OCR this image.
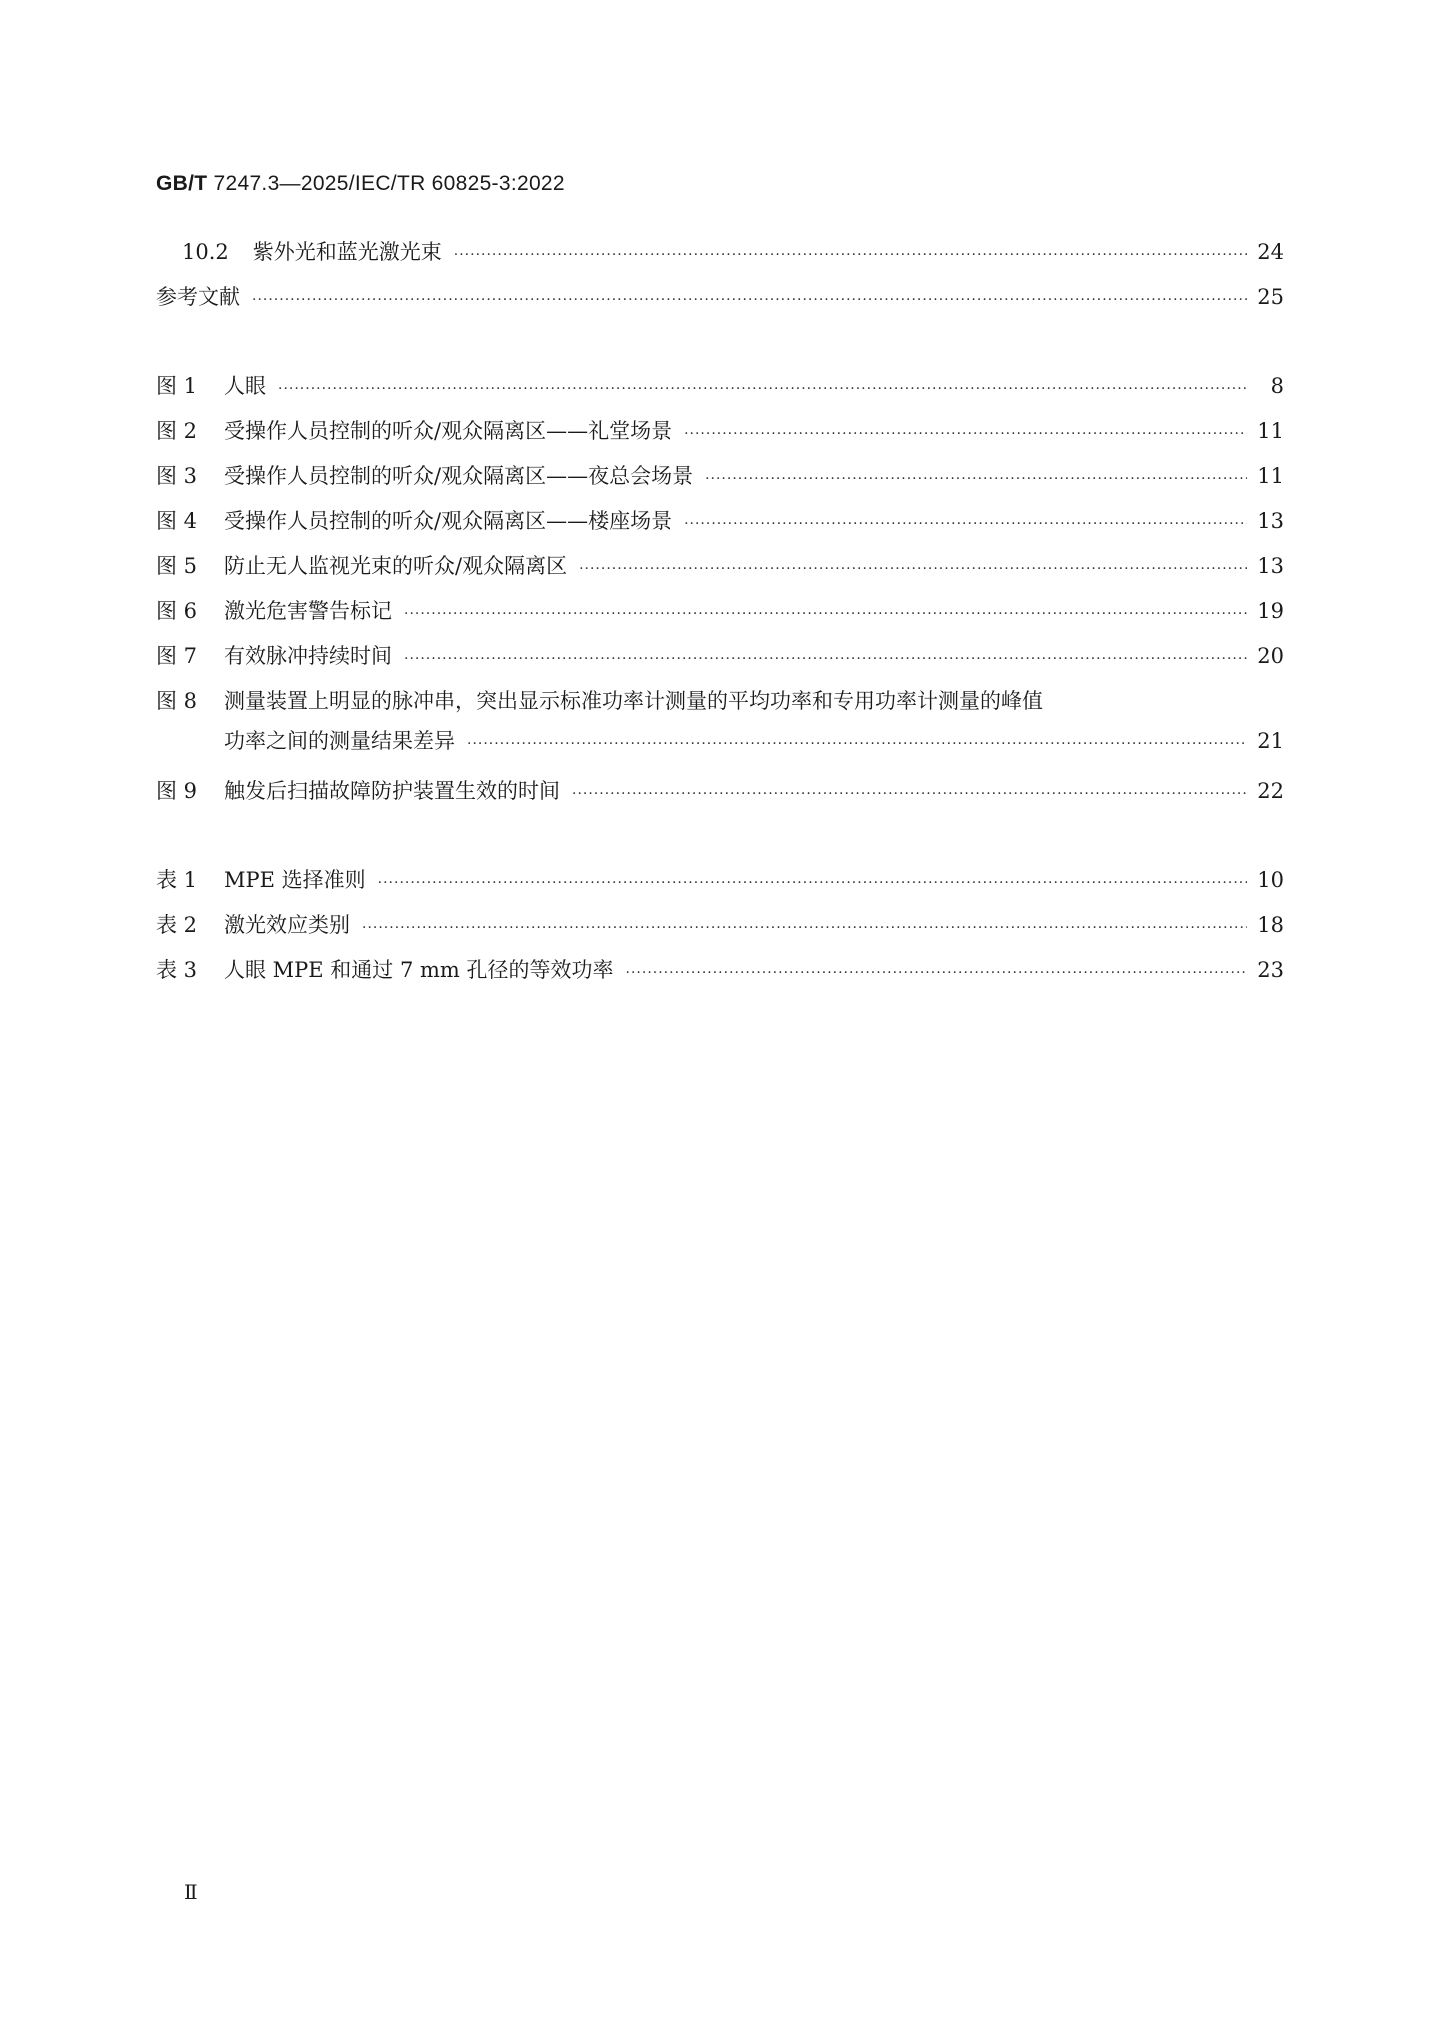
GB/T 7247.3—2025/IEC/TR 60825-3:2022
10.2 紫外光和蓝光激光束 ·····	24
参考文献 ·····	25
图 1 人眼 ·····	8
图 2 受操作人员控制的听众/观众隔离区——礼堂场景 ·····	11
图 3 受操作人员控制的听众/观众隔离区——夜总会场景 ·····	11
图 4 受操作人员控制的听众/观众隔离区——楼座场景 ·····	13
图 5 防止无人监视光束的听众/观众隔离区 ·····	13
图 6 激光危害警告标记 ·····	19
图 7 有效脉冲持续时间 ·····	20
图 8 测量装置上明显的脉冲串，突出显示标准功率计测量的平均功率和专用功率计测量的峰值
功率之间的测量结果差异 ·····	21
图 9 触发后扫描故障防护装置生效的时间 ·····	22
表 1 MPE 选择准则 ·····	10
表 2 激光效应类别 ·····	18
表 3 人眼 MPE 和通过 7 mm 孔径的等效功率 ·····	23
Ⅱ
